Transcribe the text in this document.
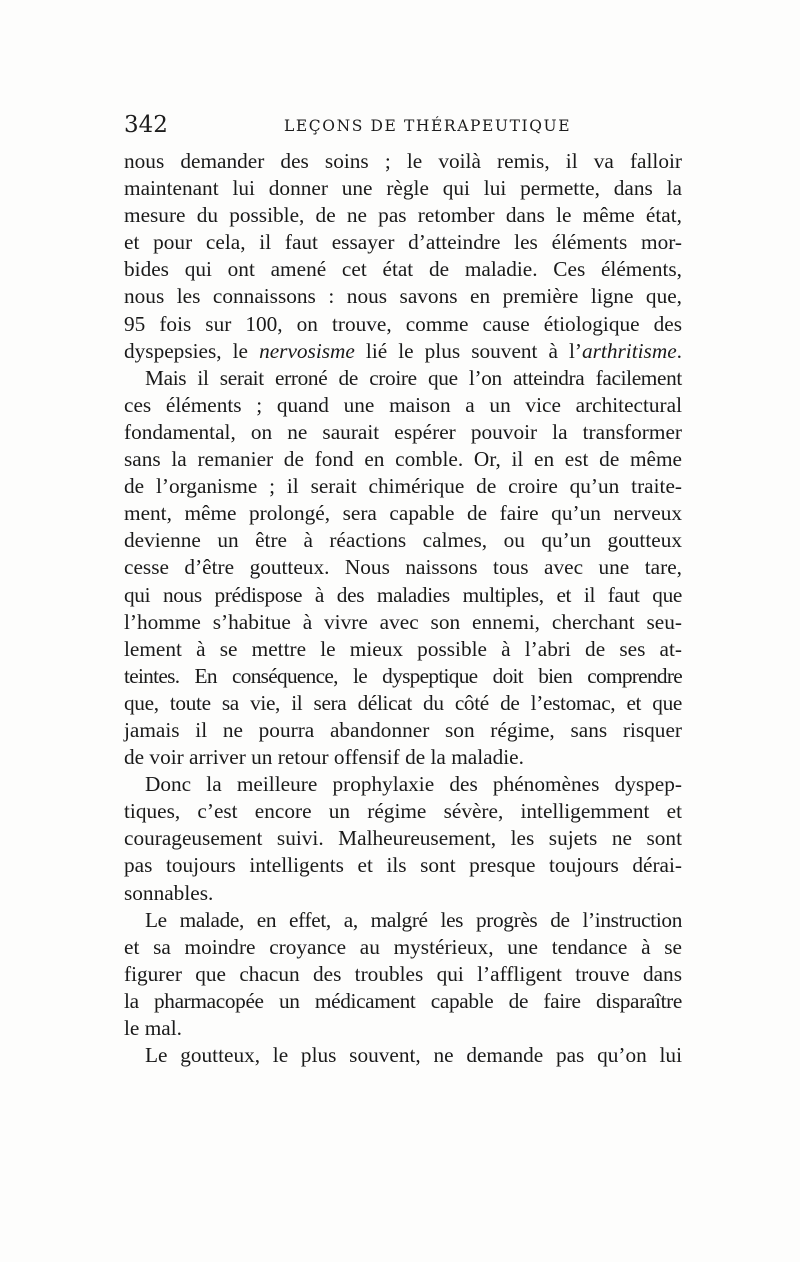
342	LEÇONS DE THÉRAPEUTIQUE
nous demander des soins ; le voilà remis, il va falloir
maintenant lui donner une règle qui lui permette, dans la
mesure du possible, de ne pas retomber dans le même état,
et pour cela, il faut essayer d’atteindre les éléments mor-
bides qui ont amené cet état de maladie. Ces éléments,
nous les connaissons : nous savons en première ligne que,
95 fois sur 100, on trouve, comme cause étiologique des
dyspepsies, le nervosisme lié le plus souvent à l’arthritisme.
Mais il serait erroné de croire que l’on atteindra facilement
ces éléments ; quand une maison a un vice architectural
fondamental, on ne saurait espérer pouvoir la transformer
sans la remanier de fond en comble. Or, il en est de même
de l’organisme ; il serait chimérique de croire qu’un traite-
ment, même prolongé, sera capable de faire qu’un nerveux
devienne un être à réactions calmes, ou qu’un goutteux
cesse d’être goutteux. Nous naissons tous avec une tare,
qui nous prédispose à des maladies multiples, et il faut que
l’homme s’habitue à vivre avec son ennemi, cherchant seu-
lement à se mettre le mieux possible à l’abri de ses at-
teintes. En conséquence, le dyspeptique doit bien comprendre
que, toute sa vie, il sera délicat du côté de l’estomac, et que
jamais il ne pourra abandonner son régime, sans risquer
de voir arriver un retour offensif de la maladie.
Donc la meilleure prophylaxie des phénomènes dyspep-
tiques, c’est encore un régime sévère, intelligemment et
courageusement suivi. Malheureusement, les sujets ne sont
pas toujours intelligents et ils sont presque toujours dérai-
sonnables.
Le malade, en effet, a, malgré les progrès de l’instruction
et sa moindre croyance au mystérieux, une tendance à se
figurer que chacun des troubles qui l’affligent trouve dans
la pharmacopée un médicament capable de faire disparaître
le mal.
Le goutteux, le plus souvent, ne demande pas qu’on lui
